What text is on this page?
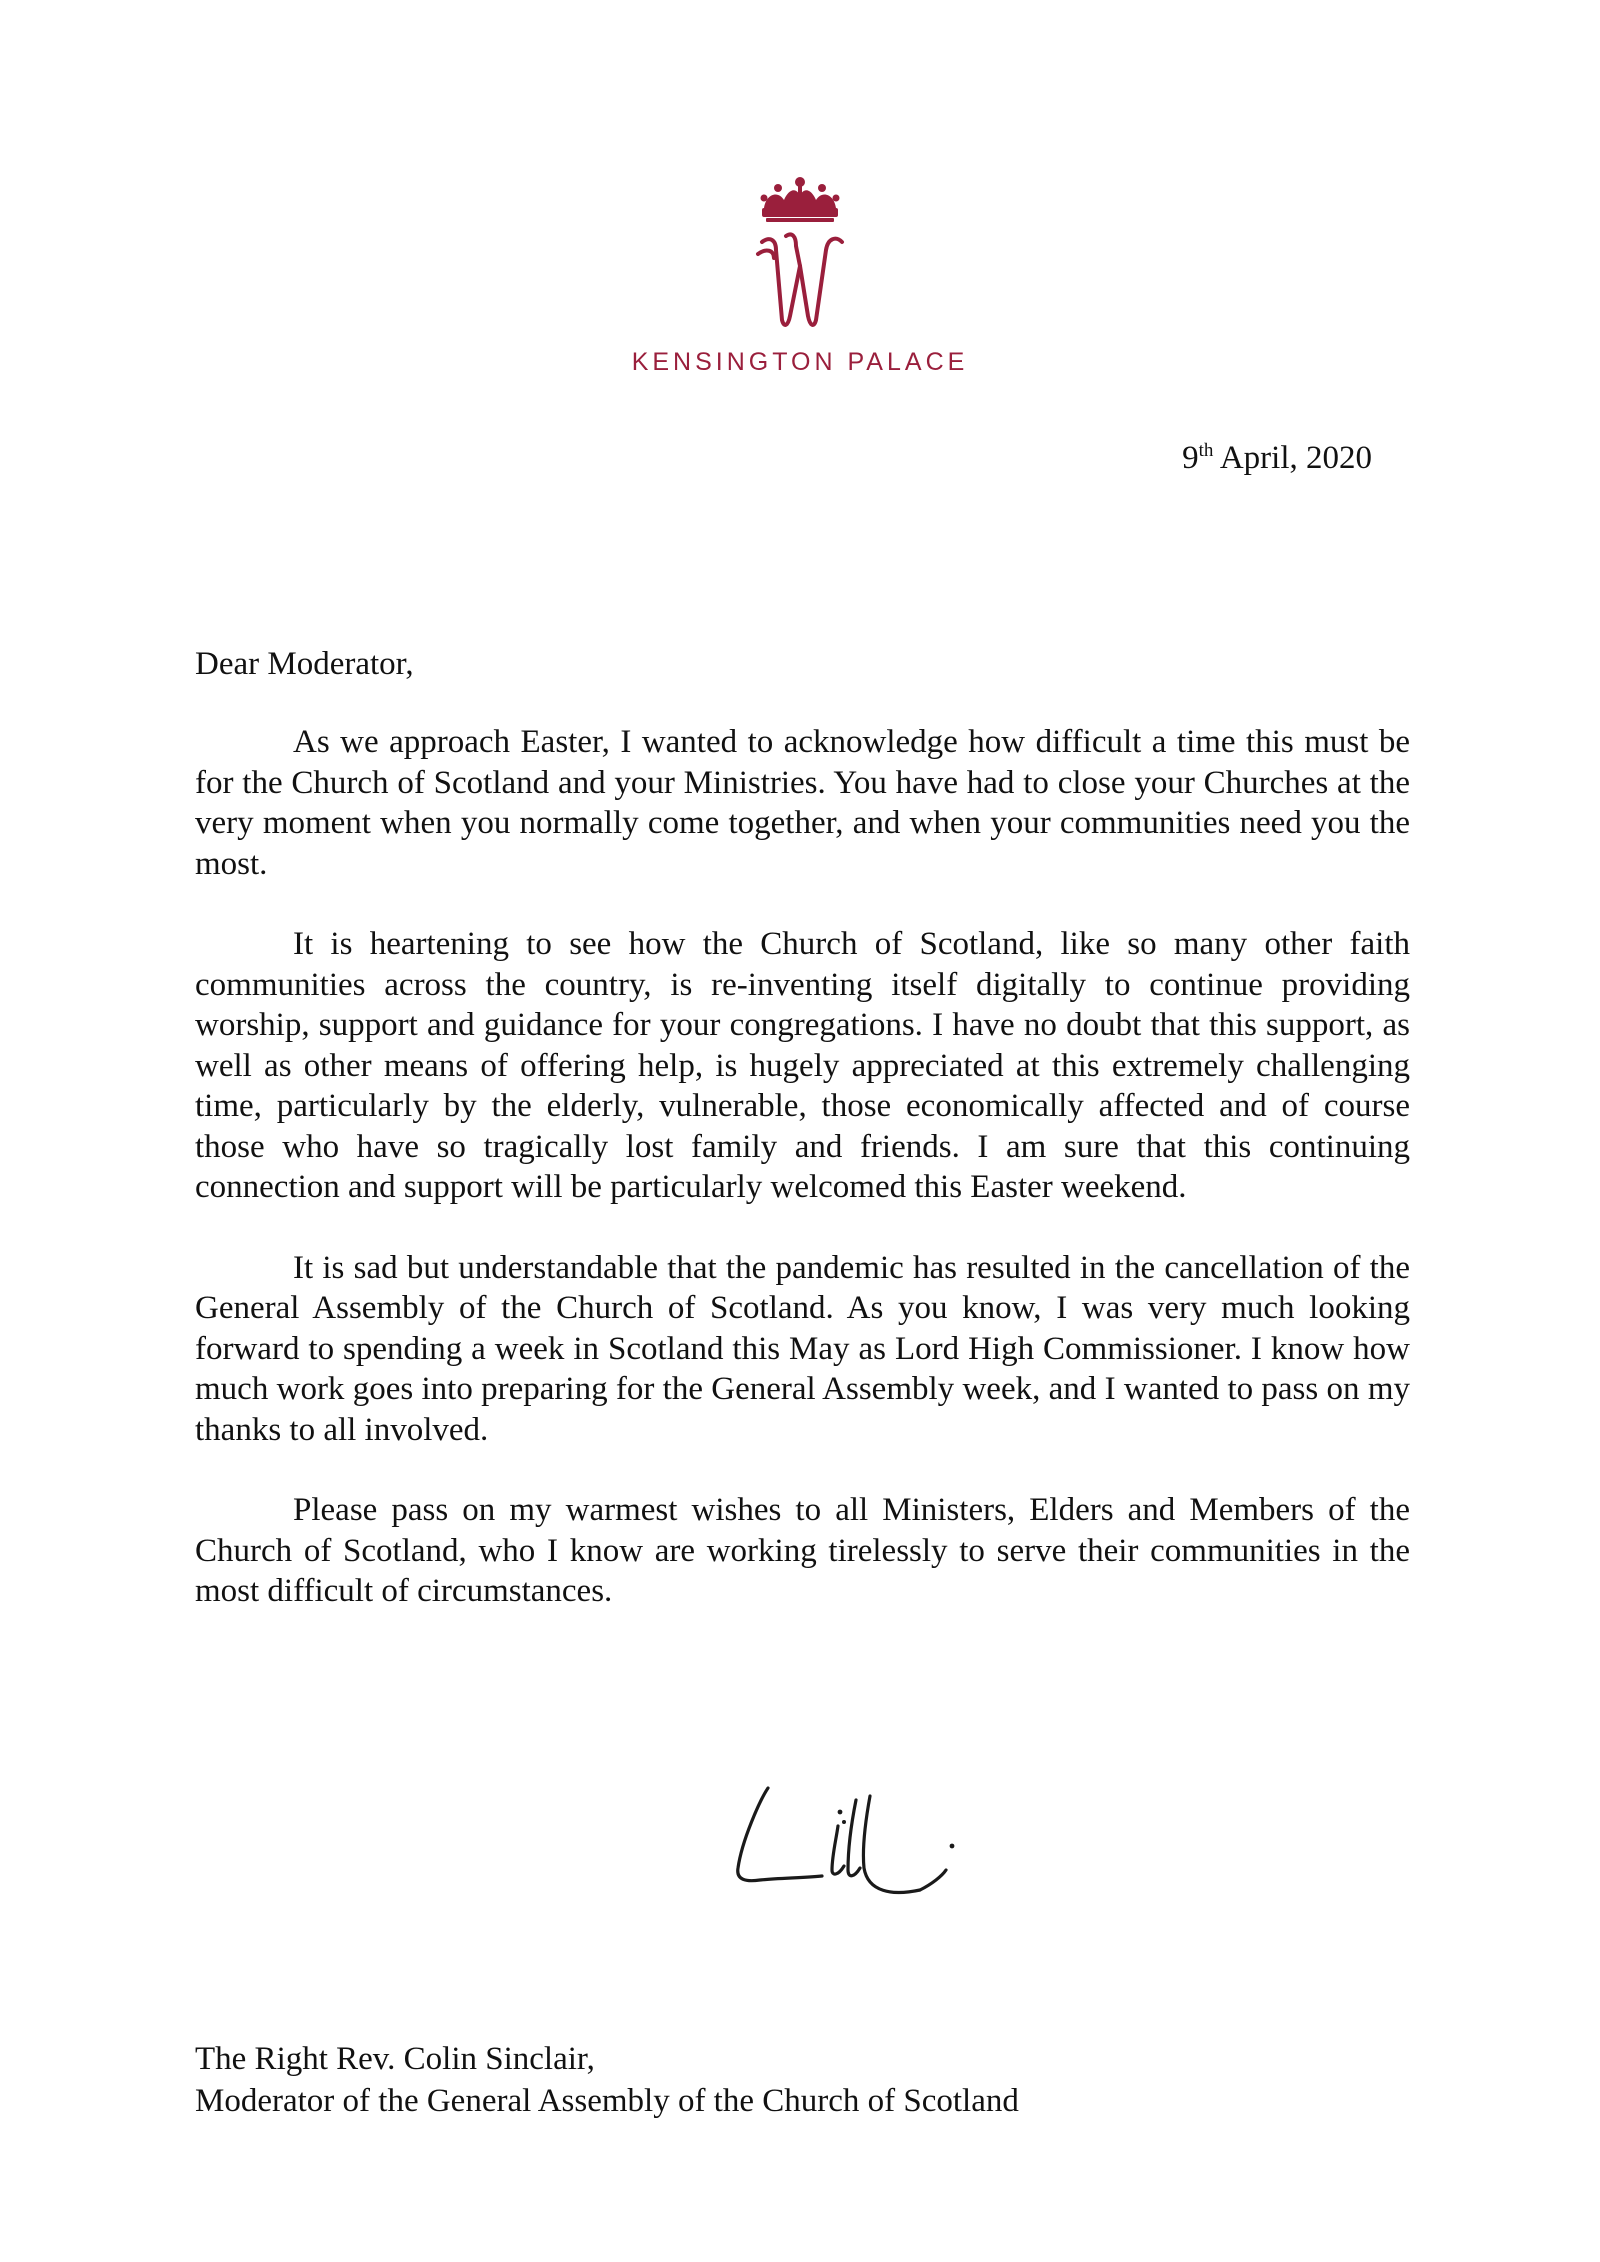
KENSINGTON PALACE
9th April, 2020
Dear Moderator,

As we approach Easter, I wanted to acknowledge how difficult a time this must be for the Church of Scotland and your Ministries. You have had to close your Churches at the very moment when you normally come together, and when your communities need you the most.

It is heartening to see how the Church of Scotland, like so many other faith communities across the country, is re-inventing itself digitally to continue providing worship, support and guidance for your congregations. I have no doubt that this support, as well as other means of offering help, is hugely appreciated at this extremely challenging time, particularly by the elderly, vulnerable, those economically affected and of course those who have so tragically lost family and friends. I am sure that this continuing connection and support will be particularly welcomed this Easter weekend.

It is sad but understandable that the pandemic has resulted in the cancellation of the General Assembly of the Church of Scotland. As you know, I was very much looking forward to spending a week in Scotland this May as Lord High Commissioner. I know how much work goes into preparing for the General Assembly week, and I wanted to pass on my thanks to all involved.

Please pass on my warmest wishes to all Ministers, Elders and Members of the Church of Scotland, who I know are working tirelessly to serve their communities in the most difficult of circumstances.

The Right Rev. Colin Sinclair,
Moderator of the General Assembly of the Church of Scotland
